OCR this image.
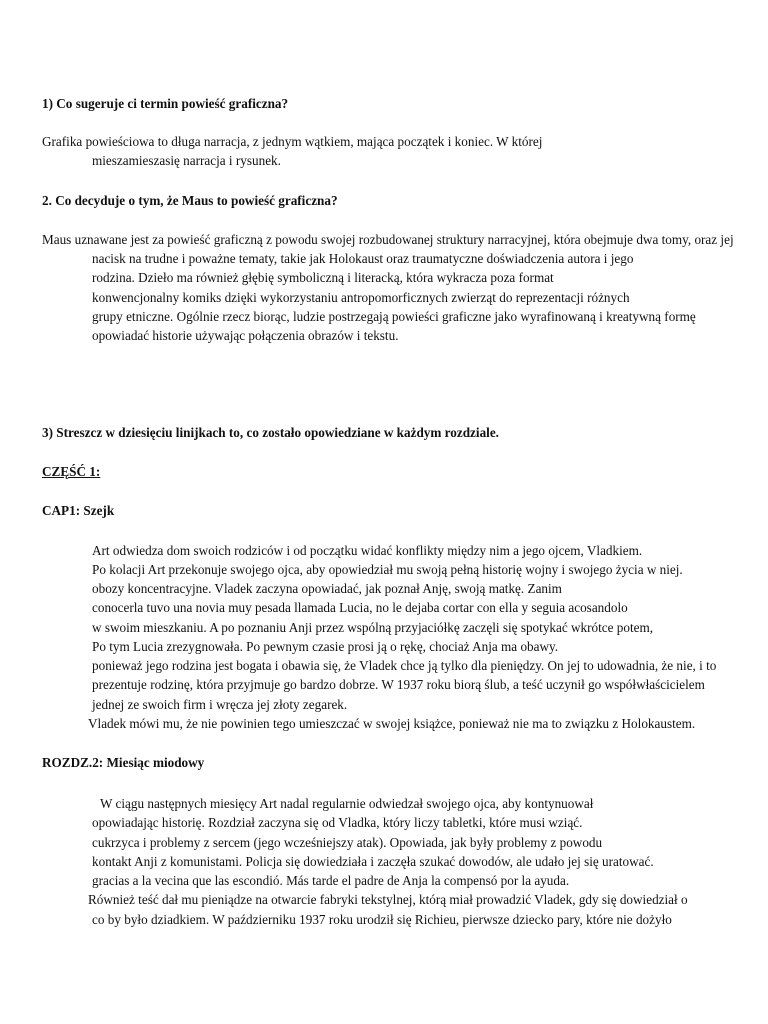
1) Co sugeruje ci termin powieść graficzna?
Grafika powieściowa to długa narracja, z jednym wątkiem, mająca początek i koniec. W której
mieszamieszasię narracja i rysunek.
2. Co decyduje o tym, że Maus to powieść graficzna?
Maus uznawane jest za powieść graficzną z powodu swojej rozbudowanej struktury narracyjnej, która obejmuje dwa tomy, oraz jej
nacisk na trudne i poważne tematy, takie jak Holokaust oraz traumatyczne doświadczenia autora i jego
rodzina. Dzieło ma również głębię symboliczną i literacką, która wykracza poza format
konwencjonalny komiks dzięki wykorzystaniu antropomorficznych zwierząt do reprezentacji różnych
grupy etniczne. Ogólnie rzecz biorąc, ludzie postrzegają powieści graficzne jako wyrafinowaną i kreatywną formę
opowiadać historie używając połączenia obrazów i tekstu.
3) Streszcz w dziesięciu linijkach to, co zostało opowiedziane w każdym rozdziale.
CZĘŚĆ 1:
CAP1: Szejk
Art odwiedza dom swoich rodziców i od początku widać konflikty między nim a jego ojcem, Vladkiem.
Po kolacji Art przekonuje swojego ojca, aby opowiedział mu swoją pełną historię wojny i swojego życia w niej.
obozy koncentracyjne. Vladek zaczyna opowiadać, jak poznał Anję, swoją matkę. Zanim
conocerla tuvo una novia muy pesada llamada Lucia, no le dejaba cortar con ella y seguia acosandolo
w swoim mieszkaniu. A po poznaniu Anji przez wspólną przyjaciółkę zaczęli się spotykać wkrótce potem,
Po tym Lucia zrezygnowała. Po pewnym czasie prosi ją o rękę, chociaż Anja ma obawy.
ponieważ jego rodzina jest bogata i obawia się, że Vladek chce ją tylko dla pieniędzy. On jej to udowadnia, że nie, i to
prezentuje rodzinę, która przyjmuje go bardzo dobrze. W 1937 roku biorą ślub, a teść uczynił go współwłaścicielem
jednej ze swoich firm i wręcza jej złoty zegarek.
Vladek mówi mu, że nie powinien tego umieszczać w swojej książce, ponieważ nie ma to związku z Holokaustem.
ROZDZ.2: Miesiąc miodowy
W ciągu następnych miesięcy Art nadal regularnie odwiedzał swojego ojca, aby kontynuował
opowiadając historię. Rozdział zaczyna się od Vladka, który liczy tabletki, które musi wziąć.
cukrzyca i problemy z sercem (jego wcześniejszy atak). Opowiada, jak były problemy z powodu
kontakt Anji z komunistami. Policja się dowiedziała i zaczęła szukać dowodów, ale udało jej się uratować.
gracias a la vecina que las escondió. Más tarde el padre de Anja la compensó por la ayuda.
Również teść dał mu pieniądze na otwarcie fabryki tekstylnej, którą miał prowadzić Vladek, gdy się dowiedział o
co by było dziadkiem. W październiku 1937 roku urodził się Richieu, pierwsze dziecko pary, które nie dożyło
